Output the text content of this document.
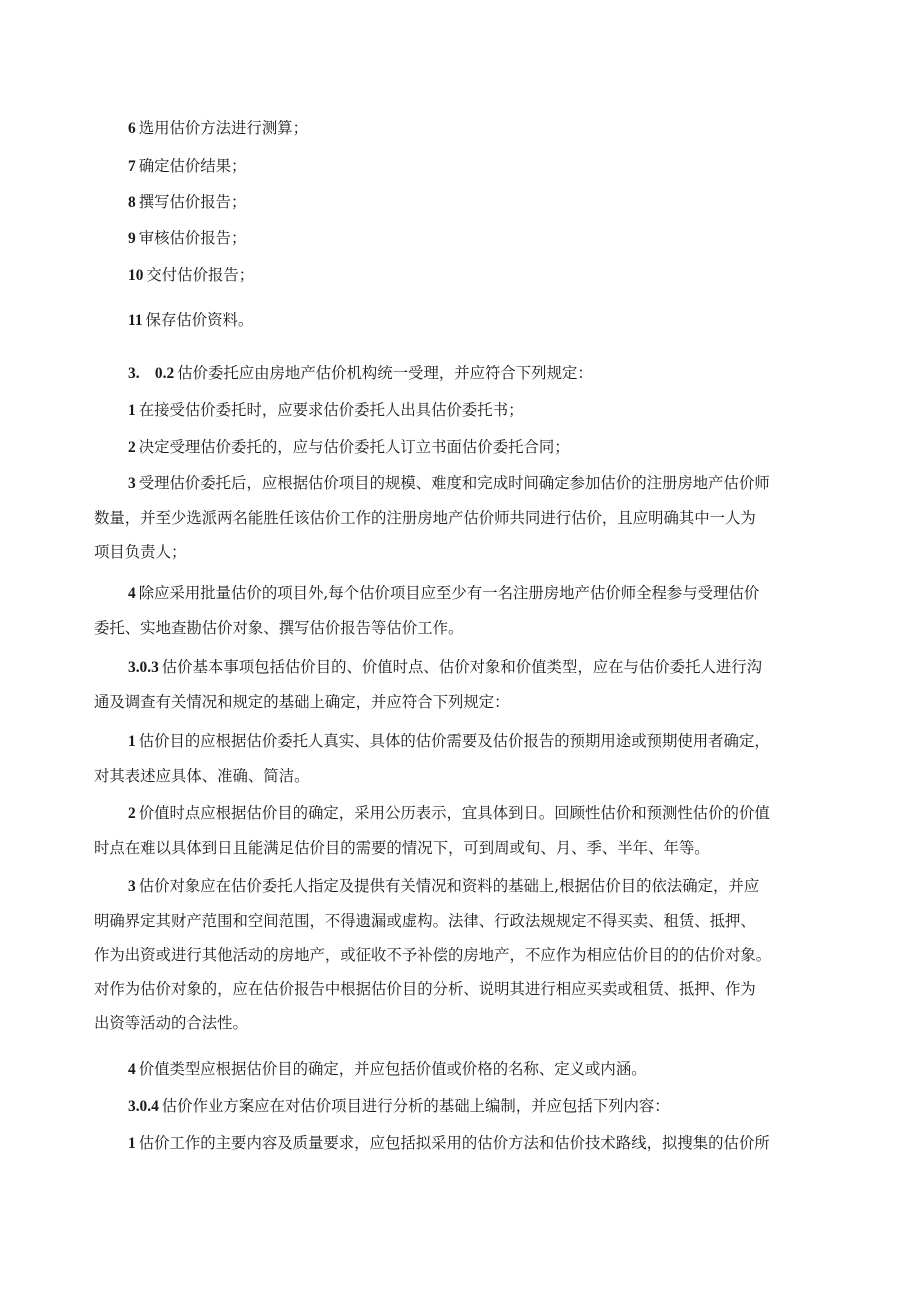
6 选用估价方法进行测算；

7 确定估价结果；

8 撰写估价报告；

9 审核估价报告；

10 交付估价报告；

11 保存估价资料。

3.　0.2 估价委托应由房地产估价机构统一受理，并应符合下列规定：

1 在接受估价委托时，应要求估价委托人出具估价委托书；

2 决定受理估价委托的，应与估价委托人订立书面估价委托合同；

3 受理估价委托后，应根据估价项目的规模、难度和完成时间确定参加估价的注册房地产估价师
数量，并至少选派两名能胜任该估价工作的注册房地产估价师共同进行估价，且应明确其中一人为
项目负责人；

4 除应采用批量估价的项目外,每个估价项目应至少有一名注册房地产估价师全程参与受理估价
委托、实地查勘估价对象、撰写估价报告等估价工作。

3.0.3 估价基本事项包括估价目的、价值时点、估价对象和价值类型，应在与估价委托人进行沟
通及调查有关情况和规定的基础上确定，并应符合下列规定：

1 估价目的应根据估价委托人真实、具体的估价需要及估价报告的预期用途或预期使用者确定，
对其表述应具体、准确、简洁。

2 价值时点应根据估价目的确定，采用公历表示，宜具体到日。回顾性估价和预测性估价的价值
时点在难以具体到日且能满足估价目的需要的情况下，可到周或旬、月、季、半年、年等。

3 估价对象应在估价委托人指定及提供有关情况和资料的基础上,根据估价目的依法确定，并应
明确界定其财产范围和空间范围，不得遗漏或虚构。法律、行政法规规定不得买卖、租赁、抵押、
作为出资或进行其他活动的房地产，或征收不予补偿的房地产，不应作为相应估价目的的估价对象。
对作为估价对象的，应在估价报告中根据估价目的分析、说明其进行相应买卖或租赁、抵押、作为
出资等活动的合法性。

4 价值类型应根据估价目的确定，并应包括价值或价格的名称、定义或内涵。

3.0.4 估价作业方案应在对估价项目进行分析的基础上编制，并应包括下列内容：

1 估价工作的主要内容及质量要求，应包括拟采用的估价方法和估价技术路线，拟搜集的估价所
